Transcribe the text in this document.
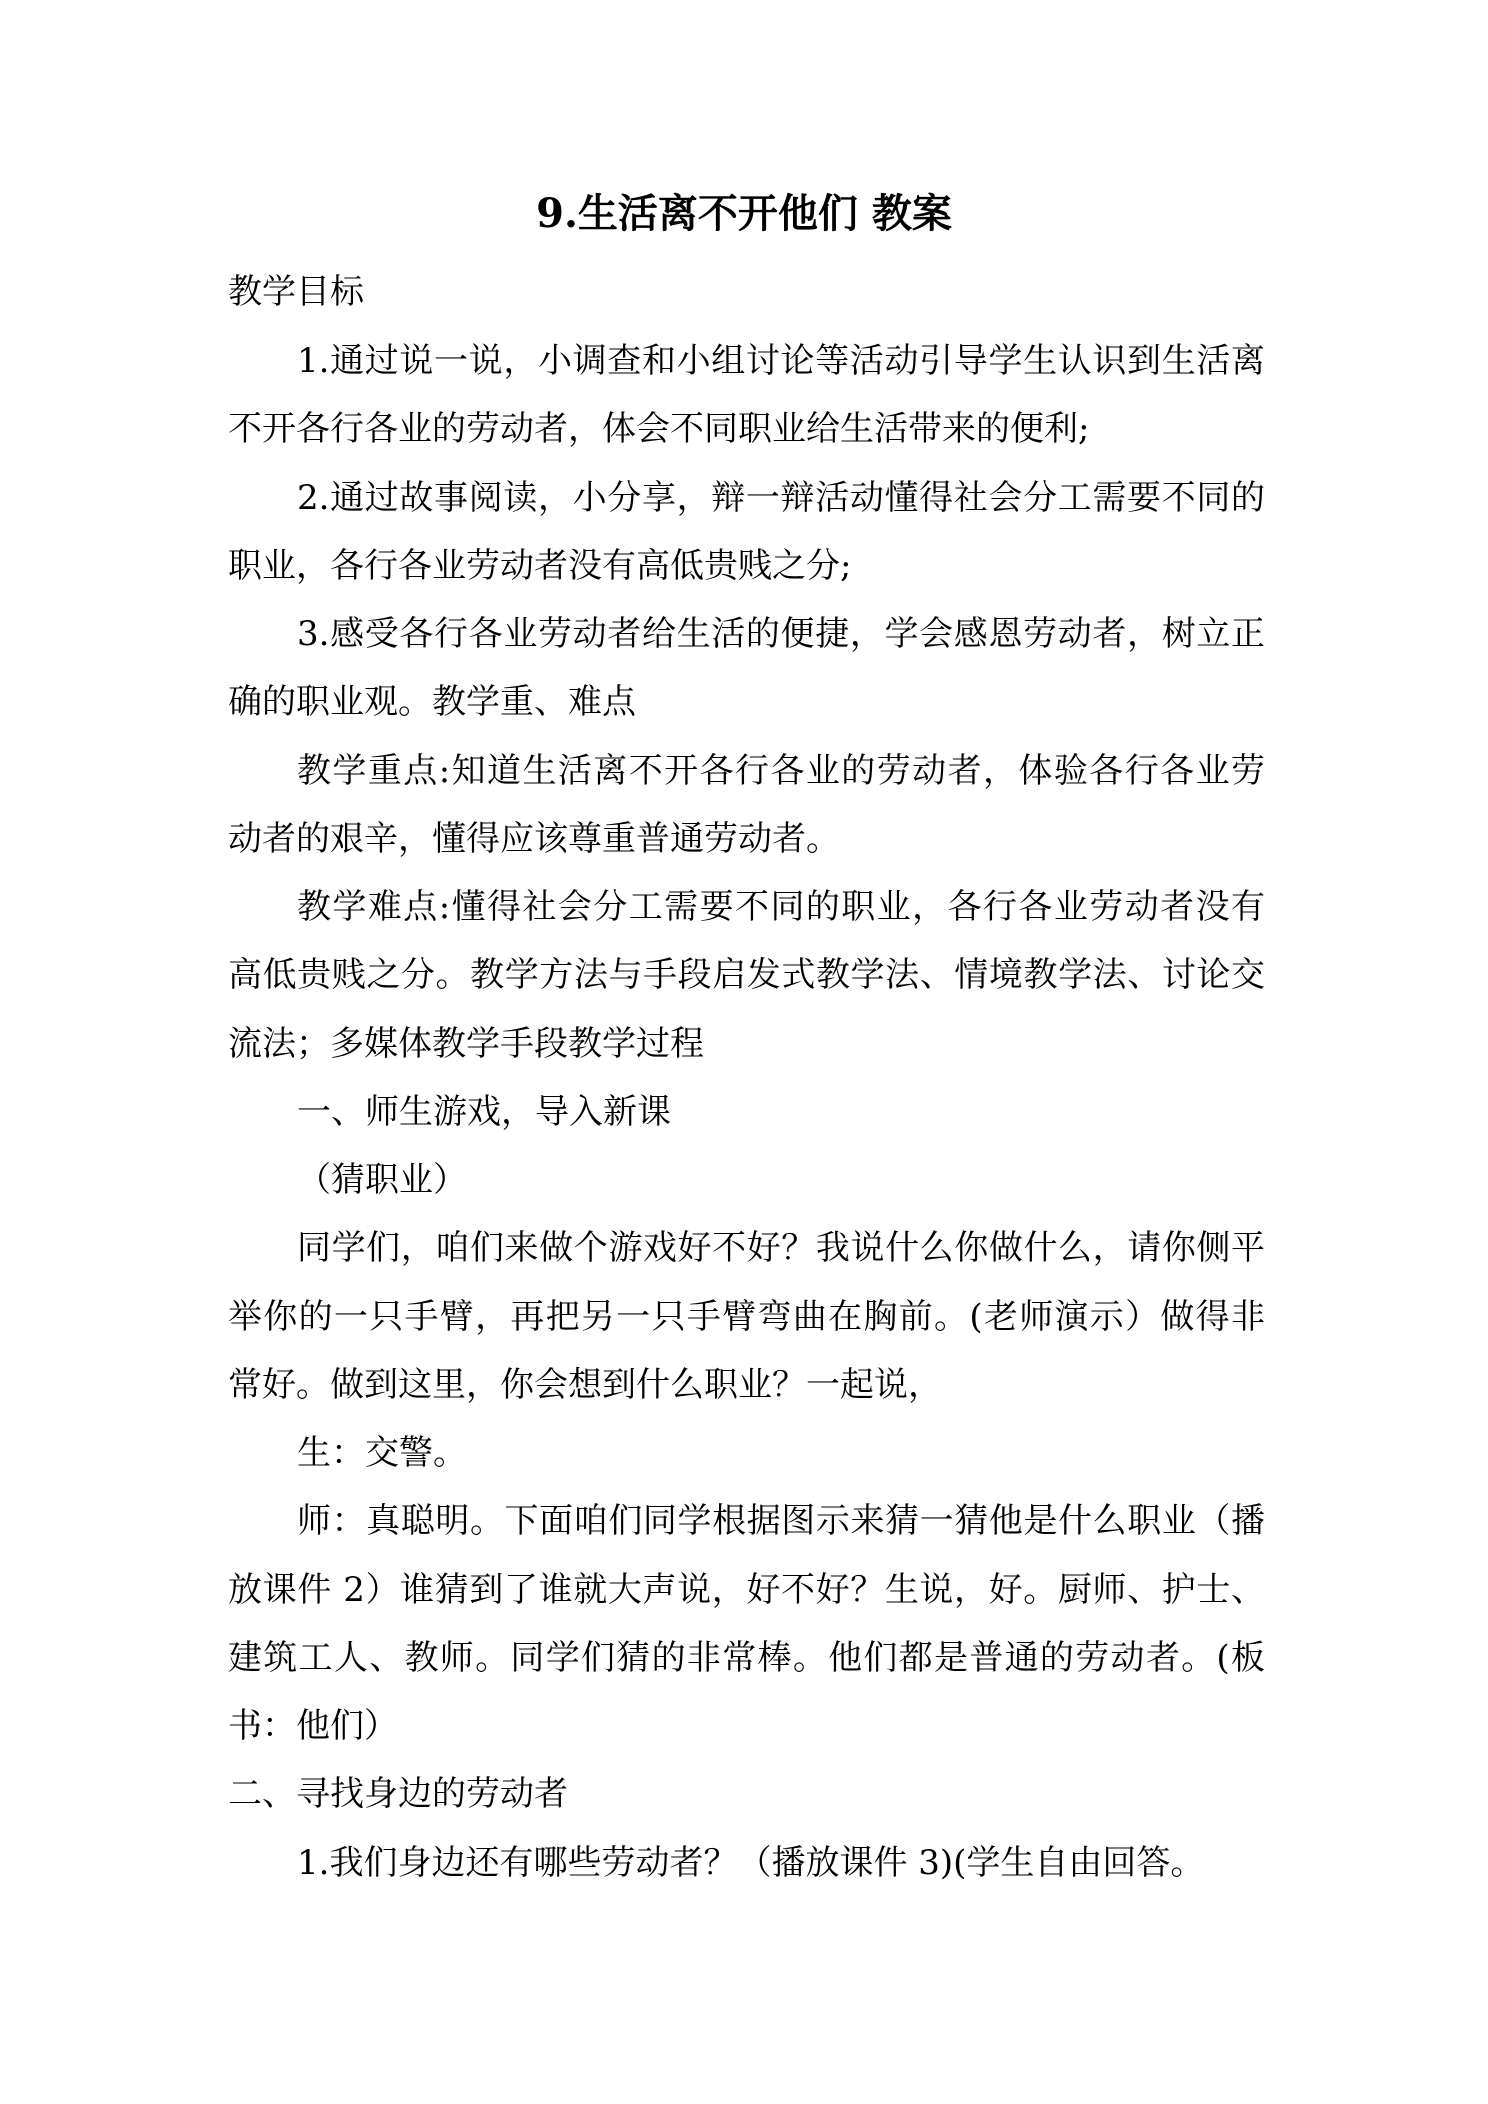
9.生活离不开他们 教案
教学目标
1.通过说一说，小调查和小组讨论等活动引导学生认识到生活离
不开各行各业的劳动者，体会不同职业给生活带来的便利;
2.通过故事阅读，小分享，辩一辩活动懂得社会分工需要不同的
职业，各行各业劳动者没有高低贵贱之分;
3.感受各行各业劳动者给生活的便捷，学会感恩劳动者，树立正
确的职业观。教学重、难点
教学重点:知道生活离不开各行各业的劳动者，体验各行各业劳
动者的艰辛，懂得应该尊重普通劳动者。
教学难点:懂得社会分工需要不同的职业，各行各业劳动者没有
高低贵贱之分。教学方法与手段启发式教学法、情境教学法、讨论交
流法；多媒体教学手段教学过程
一、师生游戏，导入新课
（猜职业）
同学们，咱们来做个游戏好不好？我说什么你做什么，请你侧平
举你的一只手臂，再把另一只手臂弯曲在胸前。(老师演示）做得非
常好。做到这里，你会想到什么职业？一起说，
生：交警。
师：真聪明。下面咱们同学根据图示来猜一猜他是什么职业（播
放课件 2）谁猜到了谁就大声说，好不好？生说，好。厨师、护士、
建筑工人、教师。同学们猜的非常棒。他们都是普通的劳动者。(板
书：他们）
二、寻找身边的劳动者
1.我们身边还有哪些劳动者？（播放课件 3)(学生自由回答。
